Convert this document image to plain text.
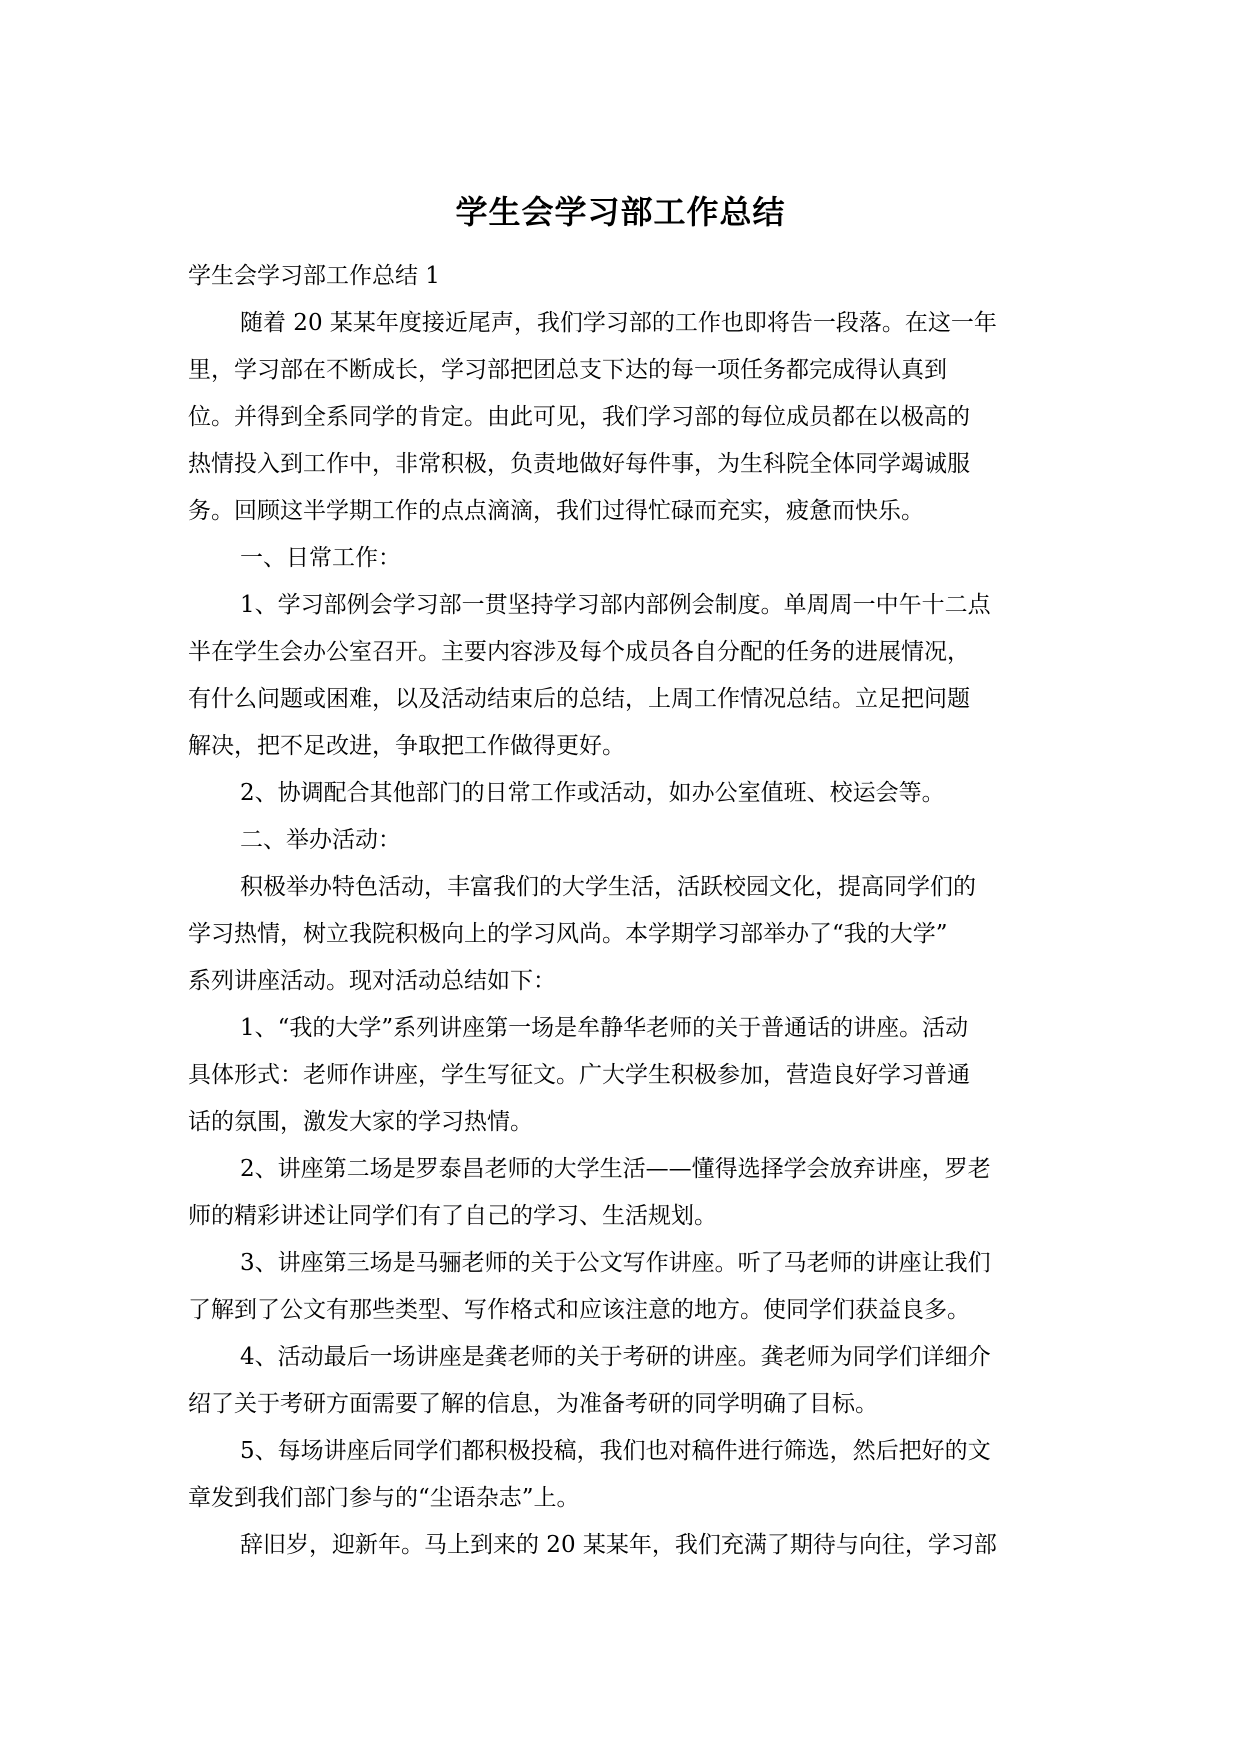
学生会学习部工作总结
学生会学习部工作总结 1
随着 20 某某年度接近尾声，我们学习部的工作也即将告一段落。在这一年
里，学习部在不断成长，学习部把团总支下达的每一项任务都完成得认真到
位。并得到全系同学的肯定。由此可见，我们学习部的每位成员都在以极高的
热情投入到工作中，非常积极，负责地做好每件事，为生科院全体同学竭诚服
务。回顾这半学期工作的点点滴滴，我们过得忙碌而充实，疲惫而快乐。
一、日常工作：
1、学习部例会学习部一贯坚持学习部内部例会制度。单周周一中午十二点
半在学生会办公室召开。主要内容涉及每个成员各自分配的任务的进展情况，
有什么问题或困难，以及活动结束后的总结，上周工作情况总结。立足把问题
解决，把不足改进，争取把工作做得更好。
2、协调配合其他部门的日常工作或活动，如办公室值班、校运会等。
二、举办活动：
积极举办特色活动，丰富我们的大学生活，活跃校园文化，提高同学们的
学习热情，树立我院积极向上的学习风尚。本学期学习部举办了“我的大学”
系列讲座活动。现对活动总结如下：
1、“我的大学”系列讲座第一场是牟静华老师的关于普通话的讲座。活动
具体形式：老师作讲座，学生写征文。广大学生积极参加，营造良好学习普通
话的氛围，激发大家的学习热情。
2、讲座第二场是罗泰昌老师的大学生活——懂得选择学会放弃讲座，罗老
师的精彩讲述让同学们有了自己的学习、生活规划。
3、讲座第三场是马骊老师的关于公文写作讲座。听了马老师的讲座让我们
了解到了公文有那些类型、写作格式和应该注意的地方。使同学们获益良多。
4、活动最后一场讲座是龚老师的关于考研的讲座。龚老师为同学们详细介
绍了关于考研方面需要了解的信息，为准备考研的同学明确了目标。
5、每场讲座后同学们都积极投稿，我们也对稿件进行筛选，然后把好的文
章发到我们部门参与的“尘语杂志”上。
辞旧岁，迎新年。马上到来的 20 某某年，我们充满了期待与向往，学习部
